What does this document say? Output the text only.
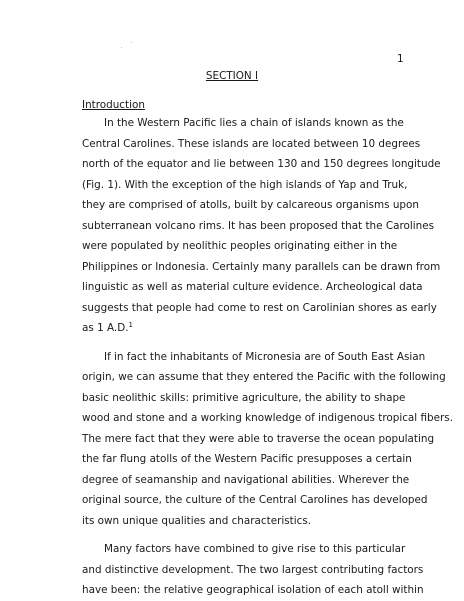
1
SECTION I
Introduction
In the Western Pacific lies a chain of islands known as the
Central Carolines. These islands are located between 10 degrees
north of the equator and lie between 130 and 150 degrees longitude
(Fig. 1). With the exception of the high islands of Yap and Truk,
they are comprised of atolls, built by calcareous organisms upon
subterranean volcano rims. It has been proposed that the Carolines
were populated by neolithic peoples originating either in the
Philippines or Indonesia. Certainly many parallels can be drawn from
linguistic as well as material culture evidence. Archeological data
suggests that people had come to rest on Carolinian shores as early
as 1 A.D.$^1$
If in fact the inhabitants of Micronesia are of South East Asian
origin, we can assume that they entered the Pacific with the following
basic neolithic skills: primitive agriculture, the ability to shape
wood and stone and a working knowledge of indigenous tropical fibers.
The mere fact that they were able to traverse the ocean populating
the far flung atolls of the Western Pacific presupposes a certain
degree of seamanship and navigational abilities. Wherever the
original source, the culture of the Central Carolines has developed
its own unique qualities and characteristics.
Many factors have combined to give rise to this particular
and distinctive development. The two largest contributing factors
have been: the relative geographical isolation of each atoll within
